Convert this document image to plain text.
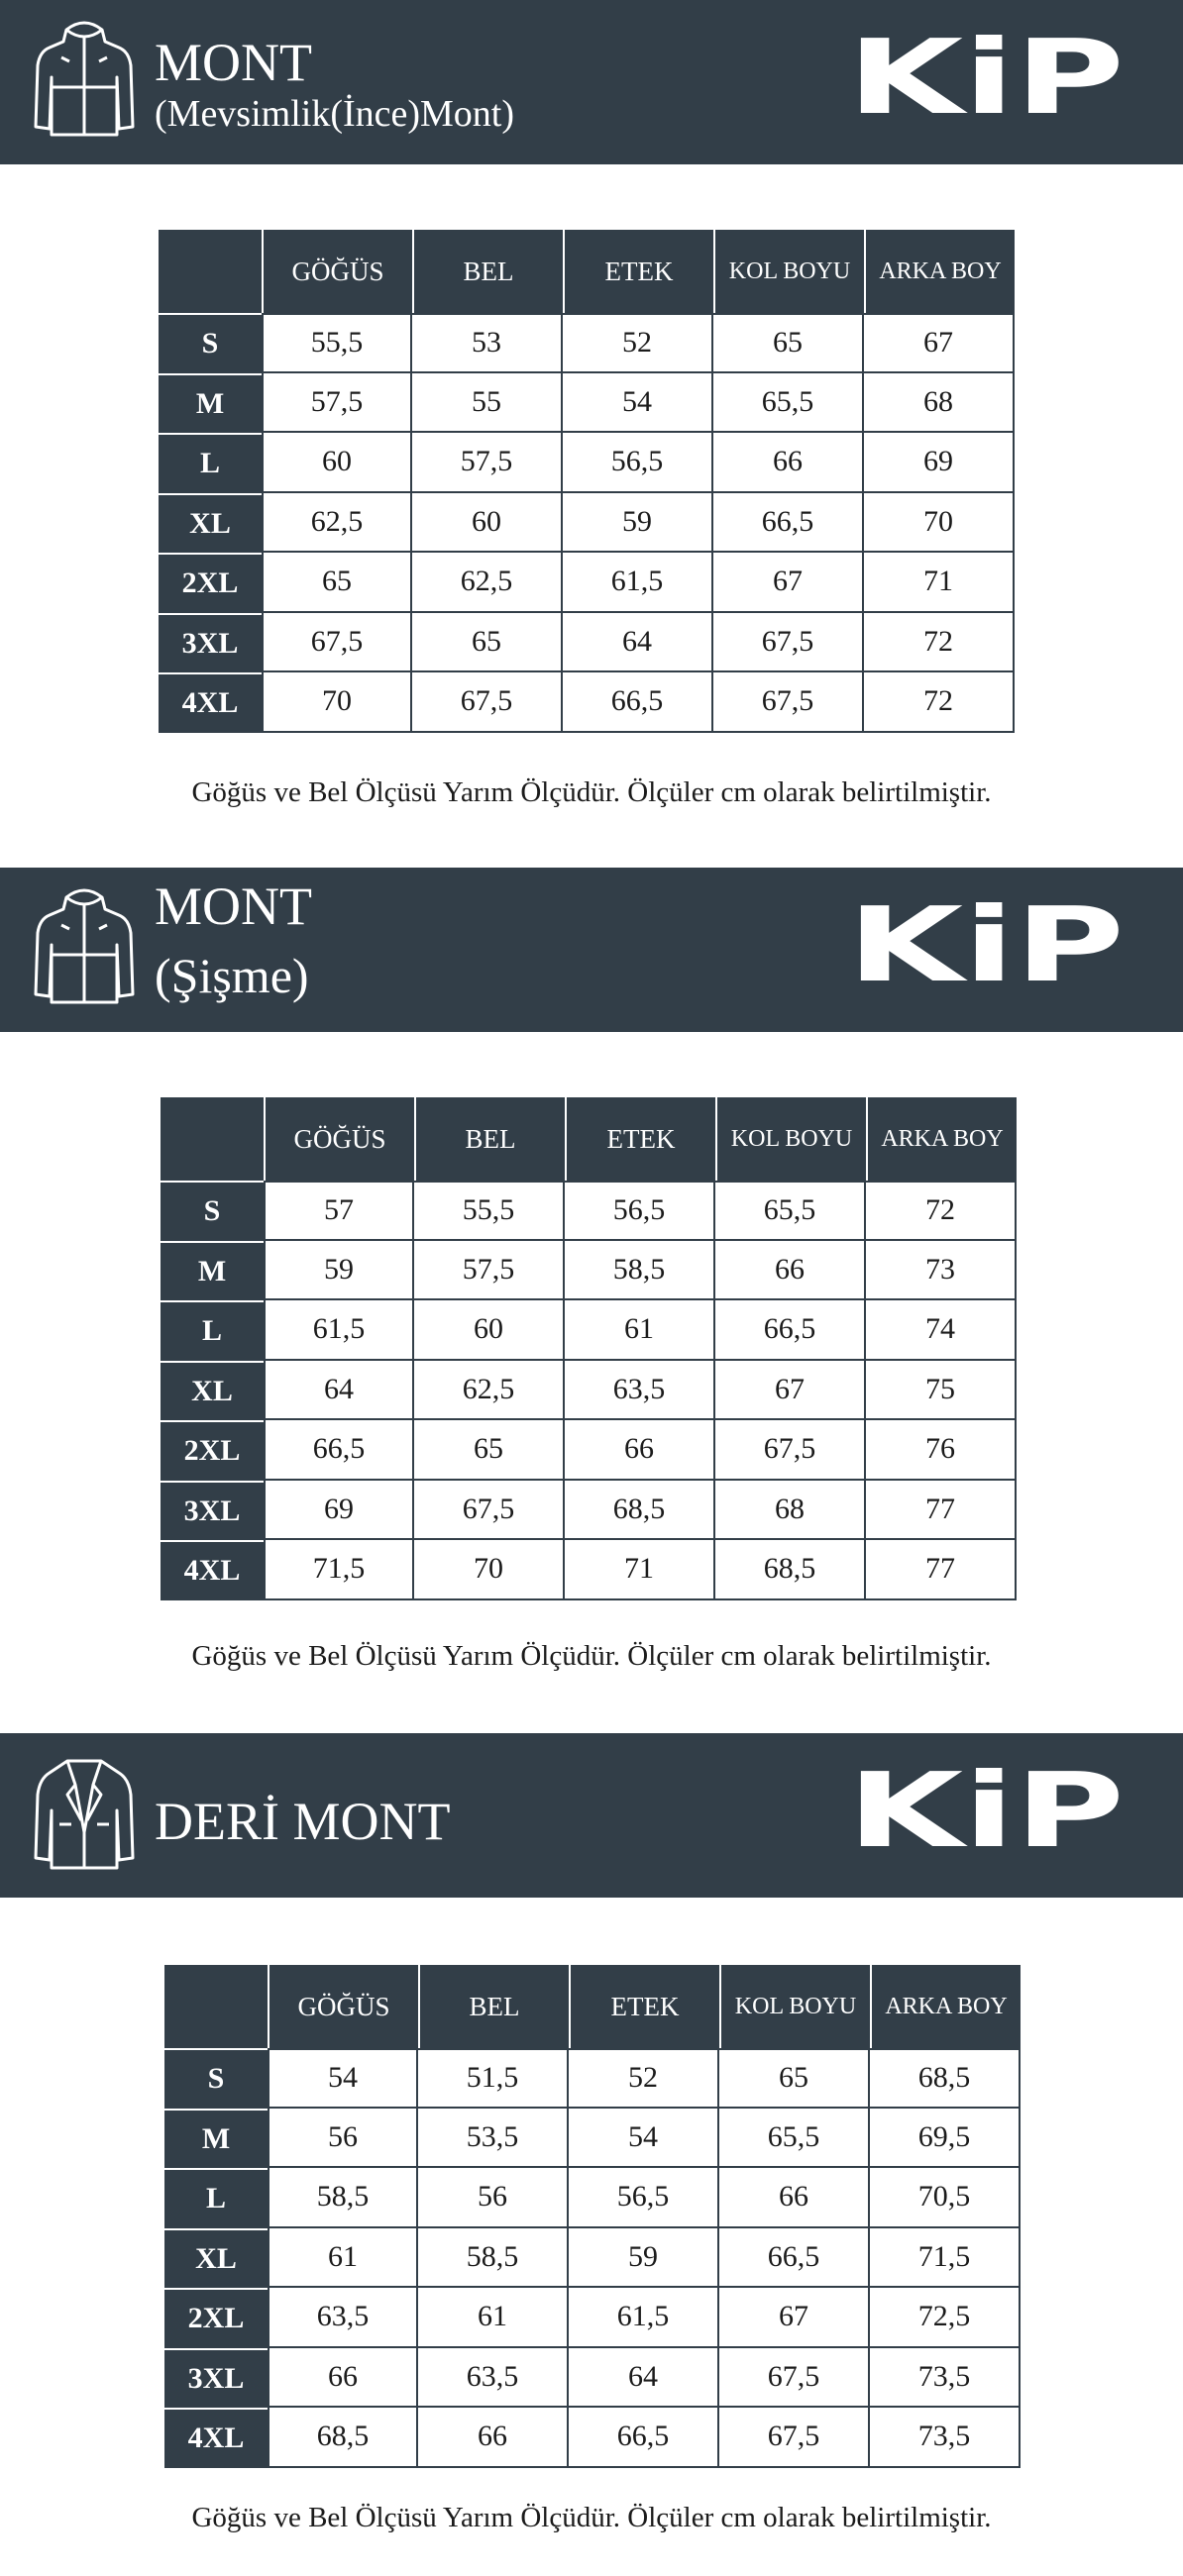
KiP
MONT
(Mevsimlik(İnce)Mont)
	GÖĞÜS	BEL	ETEK	KOL BOYU	ARKA BOY
S	55,5	53	52	65	67
M	57,5	55	54	65,5	68
L	60	57,5	56,5	66	69
XL	62,5	60	59	66,5	70
2XL	65	62,5	61,5	67	71
3XL	67,5	65	64	67,5	72
4XL	70	67,5	66,5	67,5	72
Göğüs ve Bel Ölçüsü Yarım Ölçüdür. Ölçüler cm olarak belirtilmiştir.
KiP
MONT
(Şişme)
	GÖĞÜS	BEL	ETEK	KOL BOYU	ARKA BOY
S	57	55,5	56,5	65,5	72
M	59	57,5	58,5	66	73
L	61,5	60	61	66,5	74
XL	64	62,5	63,5	67	75
2XL	66,5	65	66	67,5	76
3XL	69	67,5	68,5	68	77
4XL	71,5	70	71	68,5	77
Göğüs ve Bel Ölçüsü Yarım Ölçüdür. Ölçüler cm olarak belirtilmiştir.
KiP
DERİ MONT
	GÖĞÜS	BEL	ETEK	KOL BOYU	ARKA BOY
S	54	51,5	52	65	68,5
M	56	53,5	54	65,5	69,5
L	58,5	56	56,5	66	70,5
XL	61	58,5	59	66,5	71,5
2XL	63,5	61	61,5	67	72,5
3XL	66	63,5	64	67,5	73,5
4XL	68,5	66	66,5	67,5	73,5
Göğüs ve Bel Ölçüsü Yarım Ölçüdür. Ölçüler cm olarak belirtilmiştir.
